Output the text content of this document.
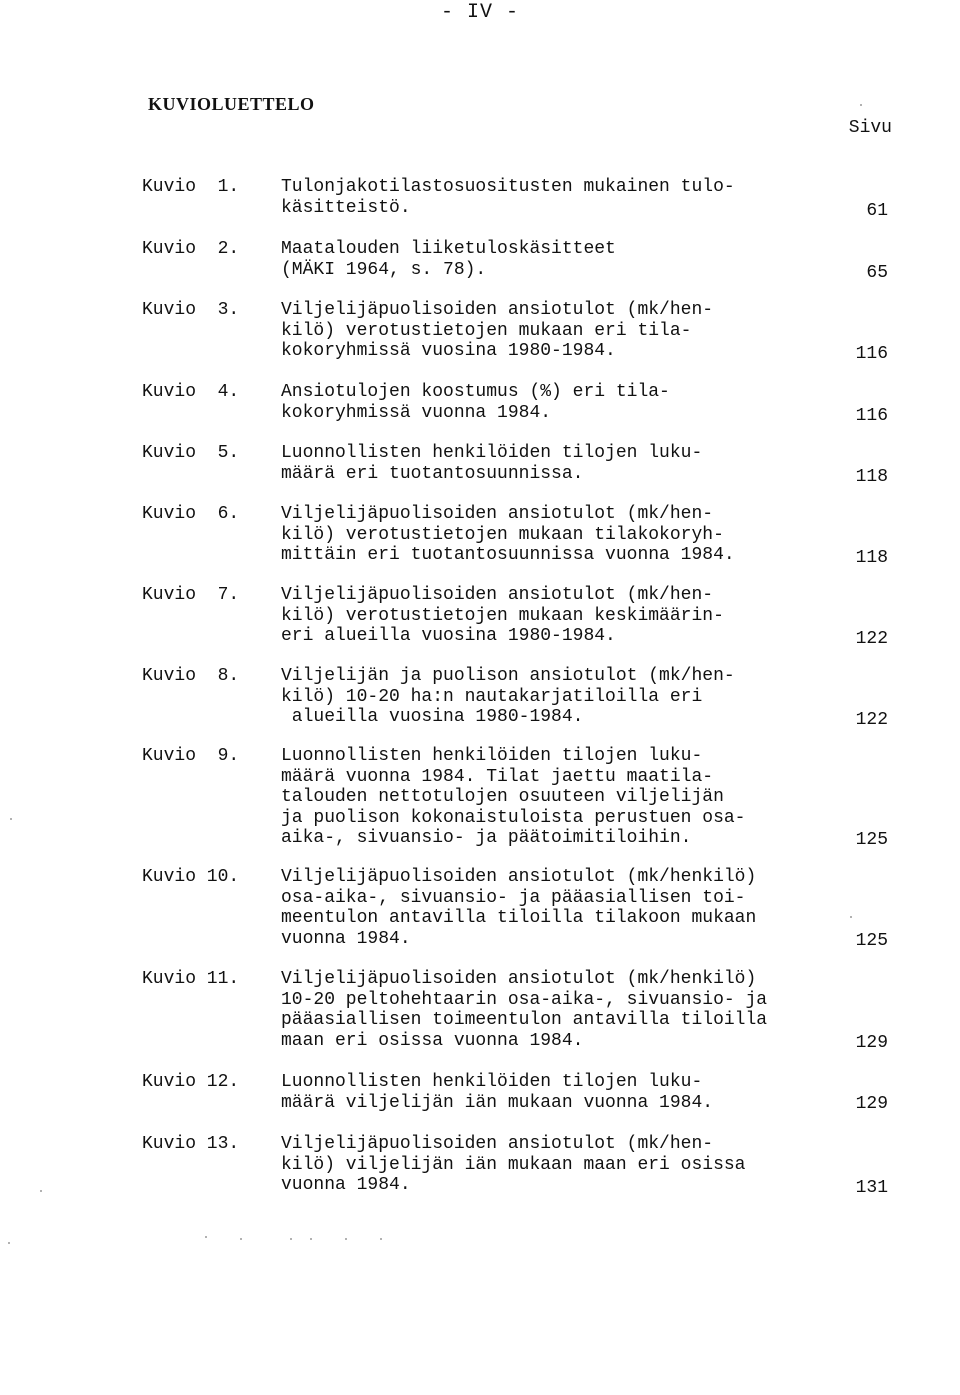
- IV -
KUVIOLUETTELO
Sivu
Kuvio  1. Tulonjakotilastosuositusten mukainen tulo-
käsitteistö.	61
Kuvio  2. Maatalouden liiketuloskäsitteet
(MÄKI 1964, s. 78).	65
Kuvio  3. Viljelijäpuolisoiden ansiotulot (mk/hen-
kilö) verotustietojen mukaan eri tila-
kokoryhmissä vuosina 1980-1984.	116
Kuvio  4. Ansiotulojen koostumus (%) eri tila-
kokoryhmissä vuonna 1984.	116
Kuvio  5. Luonnollisten henkilöiden tilojen luku-
määrä eri tuotantosuunnissa.	118
Kuvio  6. Viljelijäpuolisoiden ansiotulot (mk/hen-
kilö) verotustietojen mukaan tilakokoryh-
mittäin eri tuotantosuunnissa vuonna 1984.	118
Kuvio  7. Viljelijäpuolisoiden ansiotulot (mk/hen-
kilö) verotustietojen mukaan keskimäärin-
eri alueilla vuosina 1980-1984.	122
Kuvio  8. Viljelijän ja puolison ansiotulot (mk/hen-
kilö) 10-20 ha:n nautakarjatiloilla eri
alueilla vuosina 1980-1984.	122
Kuvio  9. Luonnollisten henkilöiden tilojen luku-
määrä vuonna 1984. Tilat jaettu maatila-
talouden nettotulojen osuuteen viljelijän
ja puolison kokonaistuloista perustuen osa-
aika-, sivuansio- ja päätoimitiloihin.	125
Kuvio 10. Viljelijäpuolisoiden ansiotulot (mk/henkilö)
osa-aika-, sivuansio- ja pääasiallisen toi-
meentulon antavilla tiloilla tilakoon mukaan
vuonna 1984.	125
Kuvio 11. Viljelijäpuolisoiden ansiotulot (mk/henkilö)
10-20 peltohehtaarin osa-aika-, sivuansio- ja
pääasiallisen toimeentulon antavilla tiloilla
maan eri osissa vuonna 1984.	129
Kuvio 12. Luonnollisten henkilöiden tilojen luku-
määrä viljelijän iän mukaan vuonna 1984.	129
Kuvio 13. Viljelijäpuolisoiden ansiotulot (mk/hen-
kilö) viljelijän iän mukaan maan eri osissa
vuonna 1984.	131
